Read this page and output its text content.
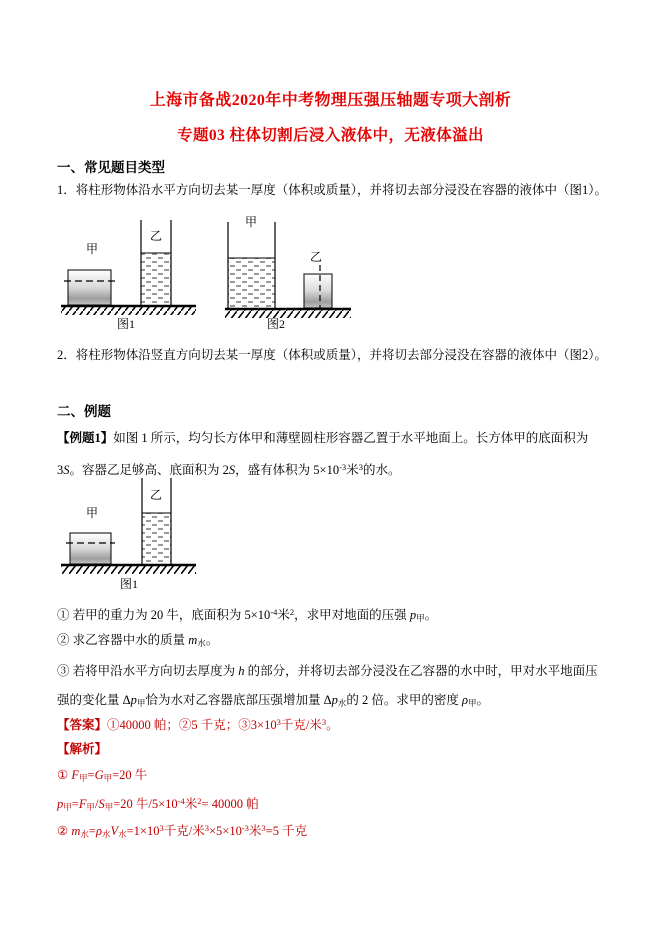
上海市备战2020年中考物理压强压轴题专项大剖析
专题03 柱体切割后浸入液体中，无液体溢出
一、常见题目类型
1．将柱形物体沿水平方向切去某一厚度（体积或质量），并将切去部分浸没在容器的液体中（图1）。
甲
乙
图1
甲
乙
图2
2．将柱形物体沿竖直方向切去某一厚度（体积或质量），并将切去部分浸没在容器的液体中（图2）。
二、例题
【例题1】如图 1 所示，均匀长方体甲和薄壁圆柱形容器乙置于水平地面上。长方体甲的底面积为 3S。容器乙足够高、底面积为 2S，盛有体积为 $5\times 10^{-3}$米$^3$的水。
甲
乙
图1
① 若甲的重力为 20 牛，底面积为 $5\times 10^{-4}$米$^2$，求甲对地面的压强 p甲。
② 求乙容器中水的质量 m水。
③ 若将甲沿水平方向切去厚度为 h 的部分，并将切去部分浸没在乙容器的水中时，甲对水平地面压强的变化量 Δp甲恰为水对乙容器底部压强增加量 Δp水的 2 倍。求甲的密度 ρ甲。
【答案】①40000 帕；②5 千克；$③3\times 10^3$千克/米$^3$。
【解析】
① F甲=G甲=20 牛
p甲=F甲/S甲=20 牛$/5\times 10^{-4}$米$^2$= 40000 帕
② m水=ρ水V水$=1\times 10^3$千克/米$^3\times 5\times 10^{-3}$米$^3$=5 千克
